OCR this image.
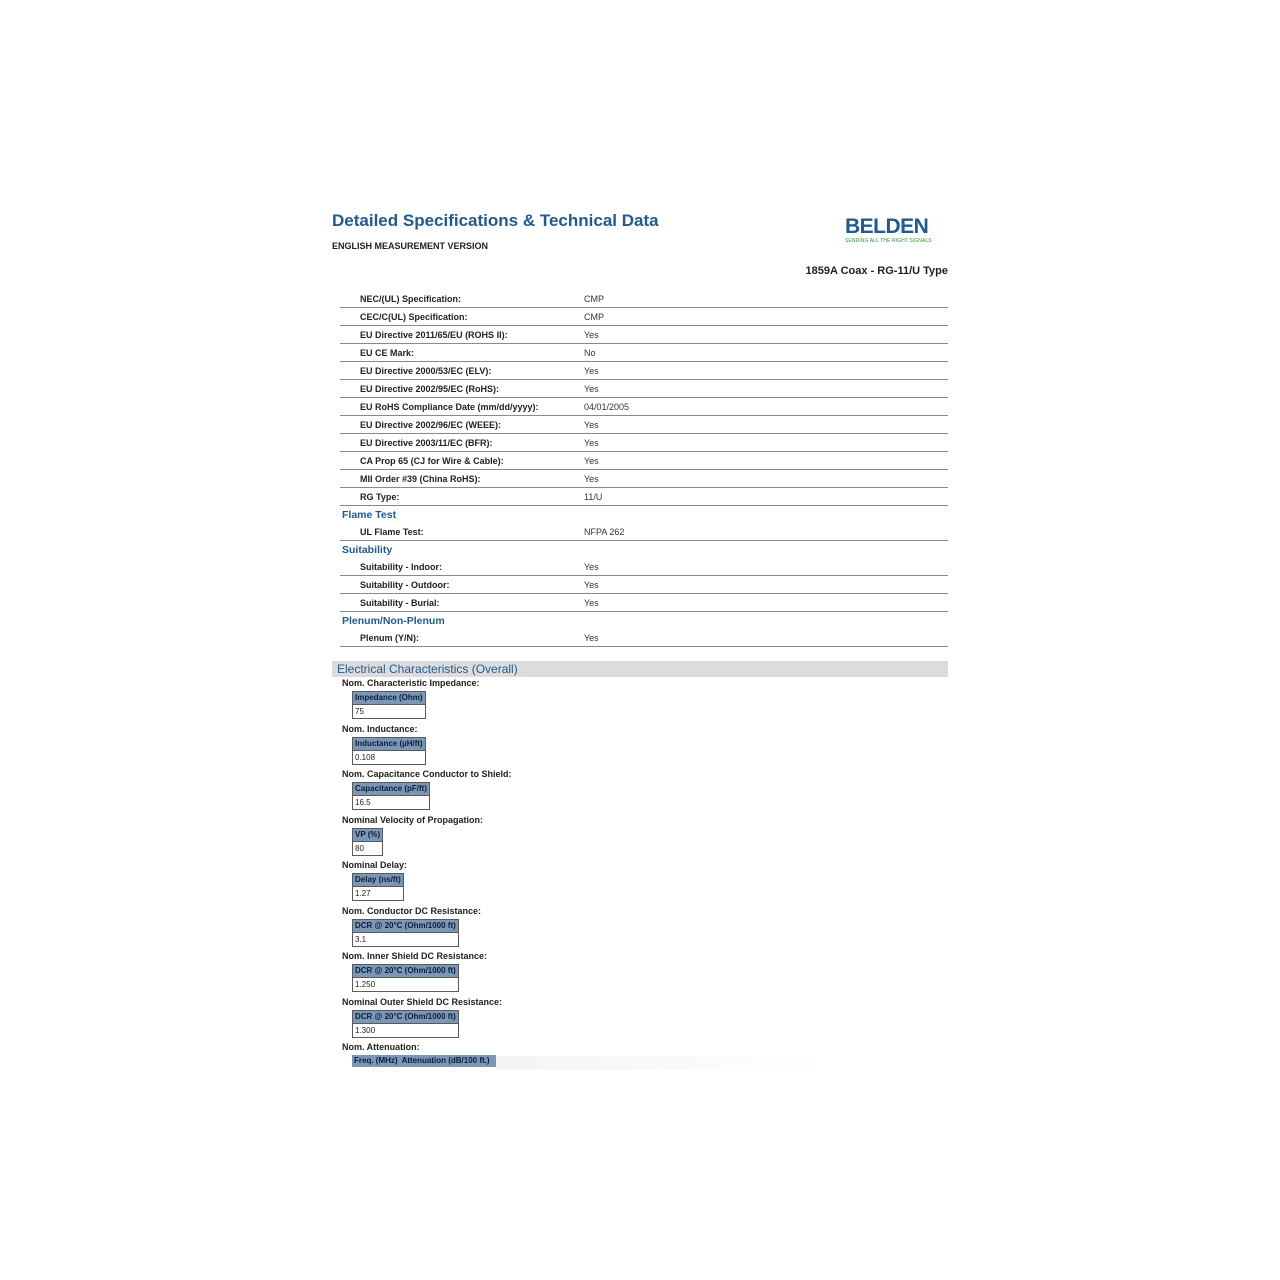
Detailed Specifications & Technical Data
ENGLISH MEASUREMENT VERSION
BELDEN
SENDING ALL THE RIGHT SIGNALS
1859A Coax - RG-11/U Type
NEC/(UL) Specification:	CMP
CEC/C(UL) Specification:	CMP
EU Directive 2011/65/EU (ROHS II):	Yes
EU CE Mark:	No
EU Directive 2000/53/EC (ELV):	Yes
EU Directive 2002/95/EC (RoHS):	Yes
EU RoHS Compliance Date (mm/dd/yyyy):	04/01/2005
EU Directive 2002/96/EC (WEEE):	Yes
EU Directive 2003/11/EC (BFR):	Yes
CA Prop 65 (CJ for Wire & Cable):	Yes
MII Order #39 (China RoHS):	Yes
RG Type:	11/U
Flame Test
UL Flame Test:	NFPA 262
Suitability
Suitability - Indoor:	Yes
Suitability - Outdoor:	Yes
Suitability - Burial:	Yes
Plenum/Non-Plenum
Plenum (Y/N):	Yes
Electrical Characteristics (Overall)
Nom. Characteristic Impedance:
Impedance (Ohm)
75
Nom. Inductance:
Inductance (µH/ft)
0.108
Nom. Capacitance Conductor to Shield:
Capacitance (pF/ft)
16.5
Nominal Velocity of Propagation:
VP (%)
80
Nominal Delay:
Delay (ns/ft)
1.27
Nom. Conductor DC Resistance:
DCR @ 20°C (Ohm/1000 ft)
3.1
Nom. Inner Shield DC Resistance:
DCR @ 20°C (Ohm/1000 ft)
1.250
Nominal Outer Shield DC Resistance:
DCR @ 20°C (Ohm/1000 ft)
1.300
Nom. Attenuation:
Freq. (MHz) Attenuation (dB/100 ft.)
